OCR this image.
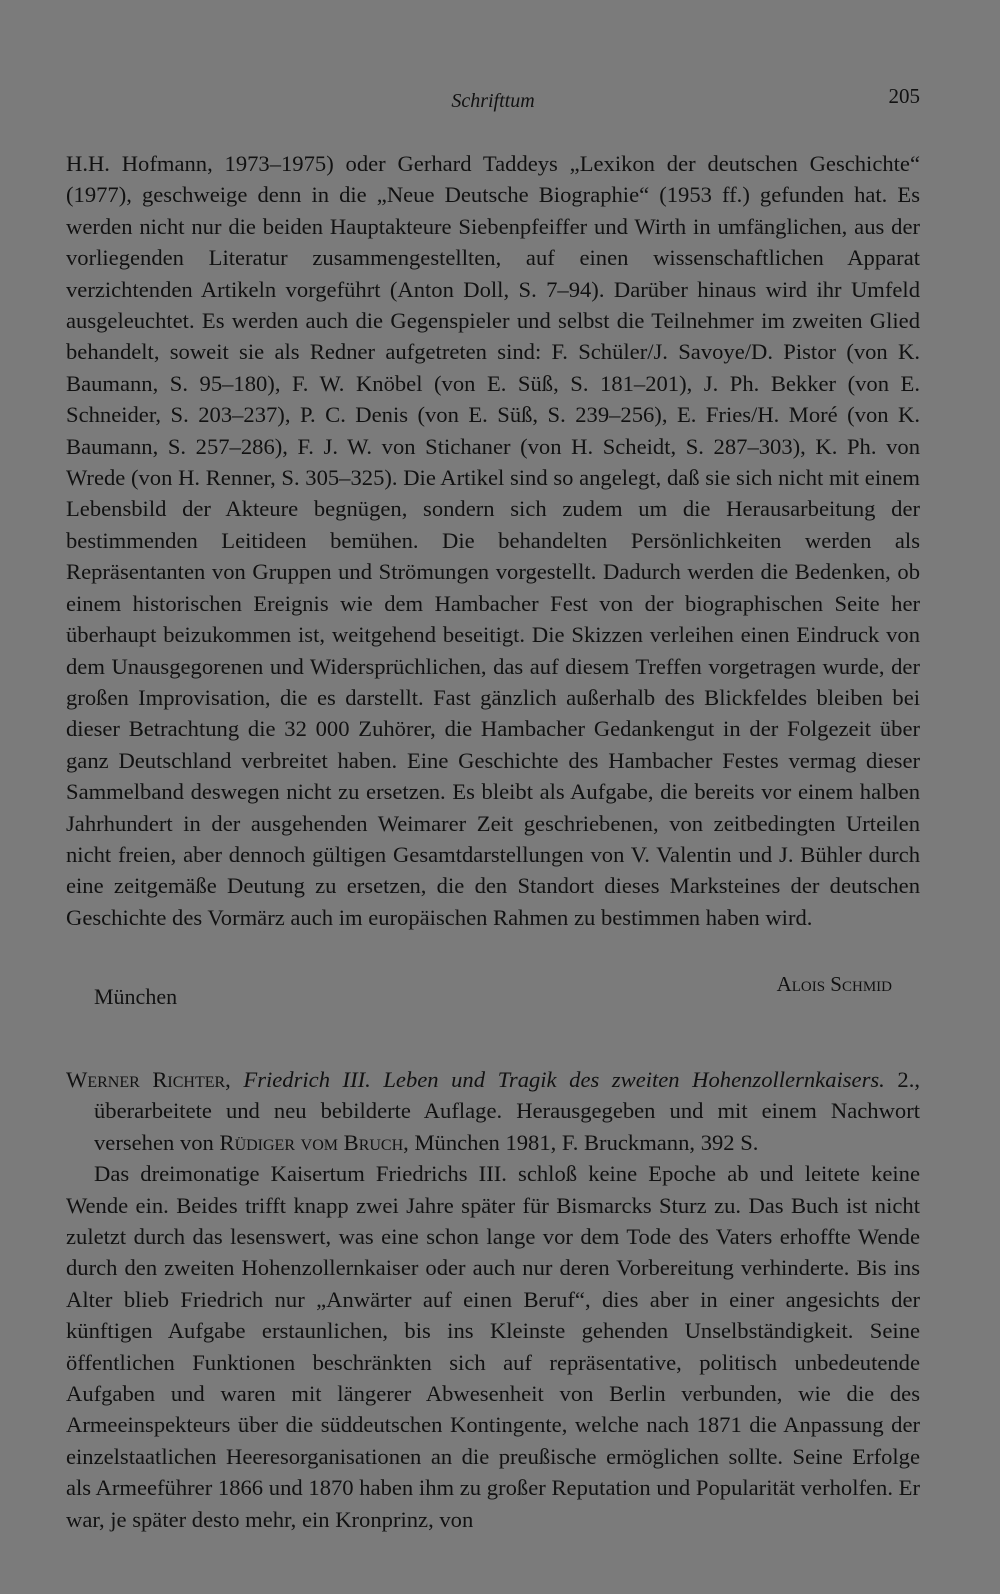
Schrifttum	205

H.H. Hofmann, 1973–1975) oder Gerhard Taddeys „Lexikon der deutschen Geschichte“ (1977), geschweige denn in die „Neue Deutsche Biographie“ (1953 ff.) gefunden hat. Es werden nicht nur die beiden Hauptakteure Siebenpfeiffer und Wirth in umfänglichen, aus der vorliegenden Literatur zusammengestellten, auf einen wissenschaftlichen Apparat verzichtenden Artikeln vorgeführt (Anton Doll, S. 7–94). Darüber hinaus wird ihr Umfeld ausgeleuchtet. Es werden auch die Gegenspieler und selbst die Teilnehmer im zweiten Glied behandelt, soweit sie als Redner aufgetreten sind: F. Schüler/J. Savoye/D. Pistor (von K. Baumann, S. 95–180), F. W. Knöbel (von E. Süß, S. 181–201), J. Ph. Bekker (von E. Schneider, S. 203–237), P. C. Denis (von E. Süß, S. 239–256), E. Fries/H. Moré (von K. Baumann, S. 257–286), F. J. W. von Stichaner (von H. Scheidt, S. 287–303), K. Ph. von Wrede (von H. Renner, S. 305–325). Die Artikel sind so angelegt, daß sie sich nicht mit einem Lebensbild der Akteure begnügen, sondern sich zudem um die Herausarbeitung der bestimmenden Leitideen bemühen. Die behandelten Persönlichkeiten werden als Repräsentanten von Gruppen und Strömungen vorgestellt. Dadurch werden die Bedenken, ob einem historischen Ereignis wie dem Hambacher Fest von der biographischen Seite her überhaupt beizukommen ist, weitgehend beseitigt. Die Skizzen verleihen einen Eindruck von dem Unausgegorenen und Widersprüchlichen, das auf diesem Treffen vorgetragen wurde, der großen Improvisation, die es darstellt. Fast gänzlich außerhalb des Blickfeldes bleiben bei dieser Betrachtung die 32 000 Zuhörer, die Hambacher Gedankengut in der Folgezeit über ganz Deutschland verbreitet haben. Eine Geschichte des Hambacher Festes vermag dieser Sammelband deswegen nicht zu ersetzen. Es bleibt als Aufgabe, die bereits vor einem halben Jahrhundert in der ausgehenden Weimarer Zeit geschriebenen, von zeitbedingten Urteilen nicht freien, aber dennoch gültigen Gesamtdarstellungen von V. Valentin und J. Bühler durch eine zeitgemäße Deutung zu ersetzen, die den Standort dieses Marksteines der deutschen Geschichte des Vormärz auch im europäischen Rahmen zu bestimmen haben wird.

München	Alois Schmid

Werner Richter, Friedrich III. Leben und Tragik des zweiten Hohenzollernkaisers. 2., überarbeitete und neu bebilderte Auflage. Herausgegeben und mit einem Nachwort versehen von Rüdiger vom Bruch, München 1981, F. Bruckmann, 392 S.

Das dreimonatige Kaisertum Friedrichs III. schloß keine Epoche ab und leitete keine Wende ein. Beides trifft knapp zwei Jahre später für Bismarcks Sturz zu. Das Buch ist nicht zuletzt durch das lesenswert, was eine schon lange vor dem Tode des Vaters erhoffte Wende durch den zweiten Hohenzollernkaiser oder auch nur deren Vorbereitung verhinderte. Bis ins Alter blieb Friedrich nur „Anwärter auf einen Beruf“, dies aber in einer angesichts der künftigen Aufgabe erstaunlichen, bis ins Kleinste gehenden Unselbständigkeit. Seine öffentlichen Funktionen beschränkten sich auf repräsentative, politisch unbedeutende Aufgaben und waren mit längerer Abwesenheit von Berlin verbunden, wie die des Armeeinspekteurs über die süddeutschen Kontingente, welche nach 1871 die Anpassung der einzelstaatlichen Heeresorganisationen an die preußische ermöglichen sollte. Seine Erfolge als Armeeführer 1866 und 1870 haben ihm zu großer Reputation und Popularität verholfen. Er war, je später desto mehr, ein Kronprinz, von
